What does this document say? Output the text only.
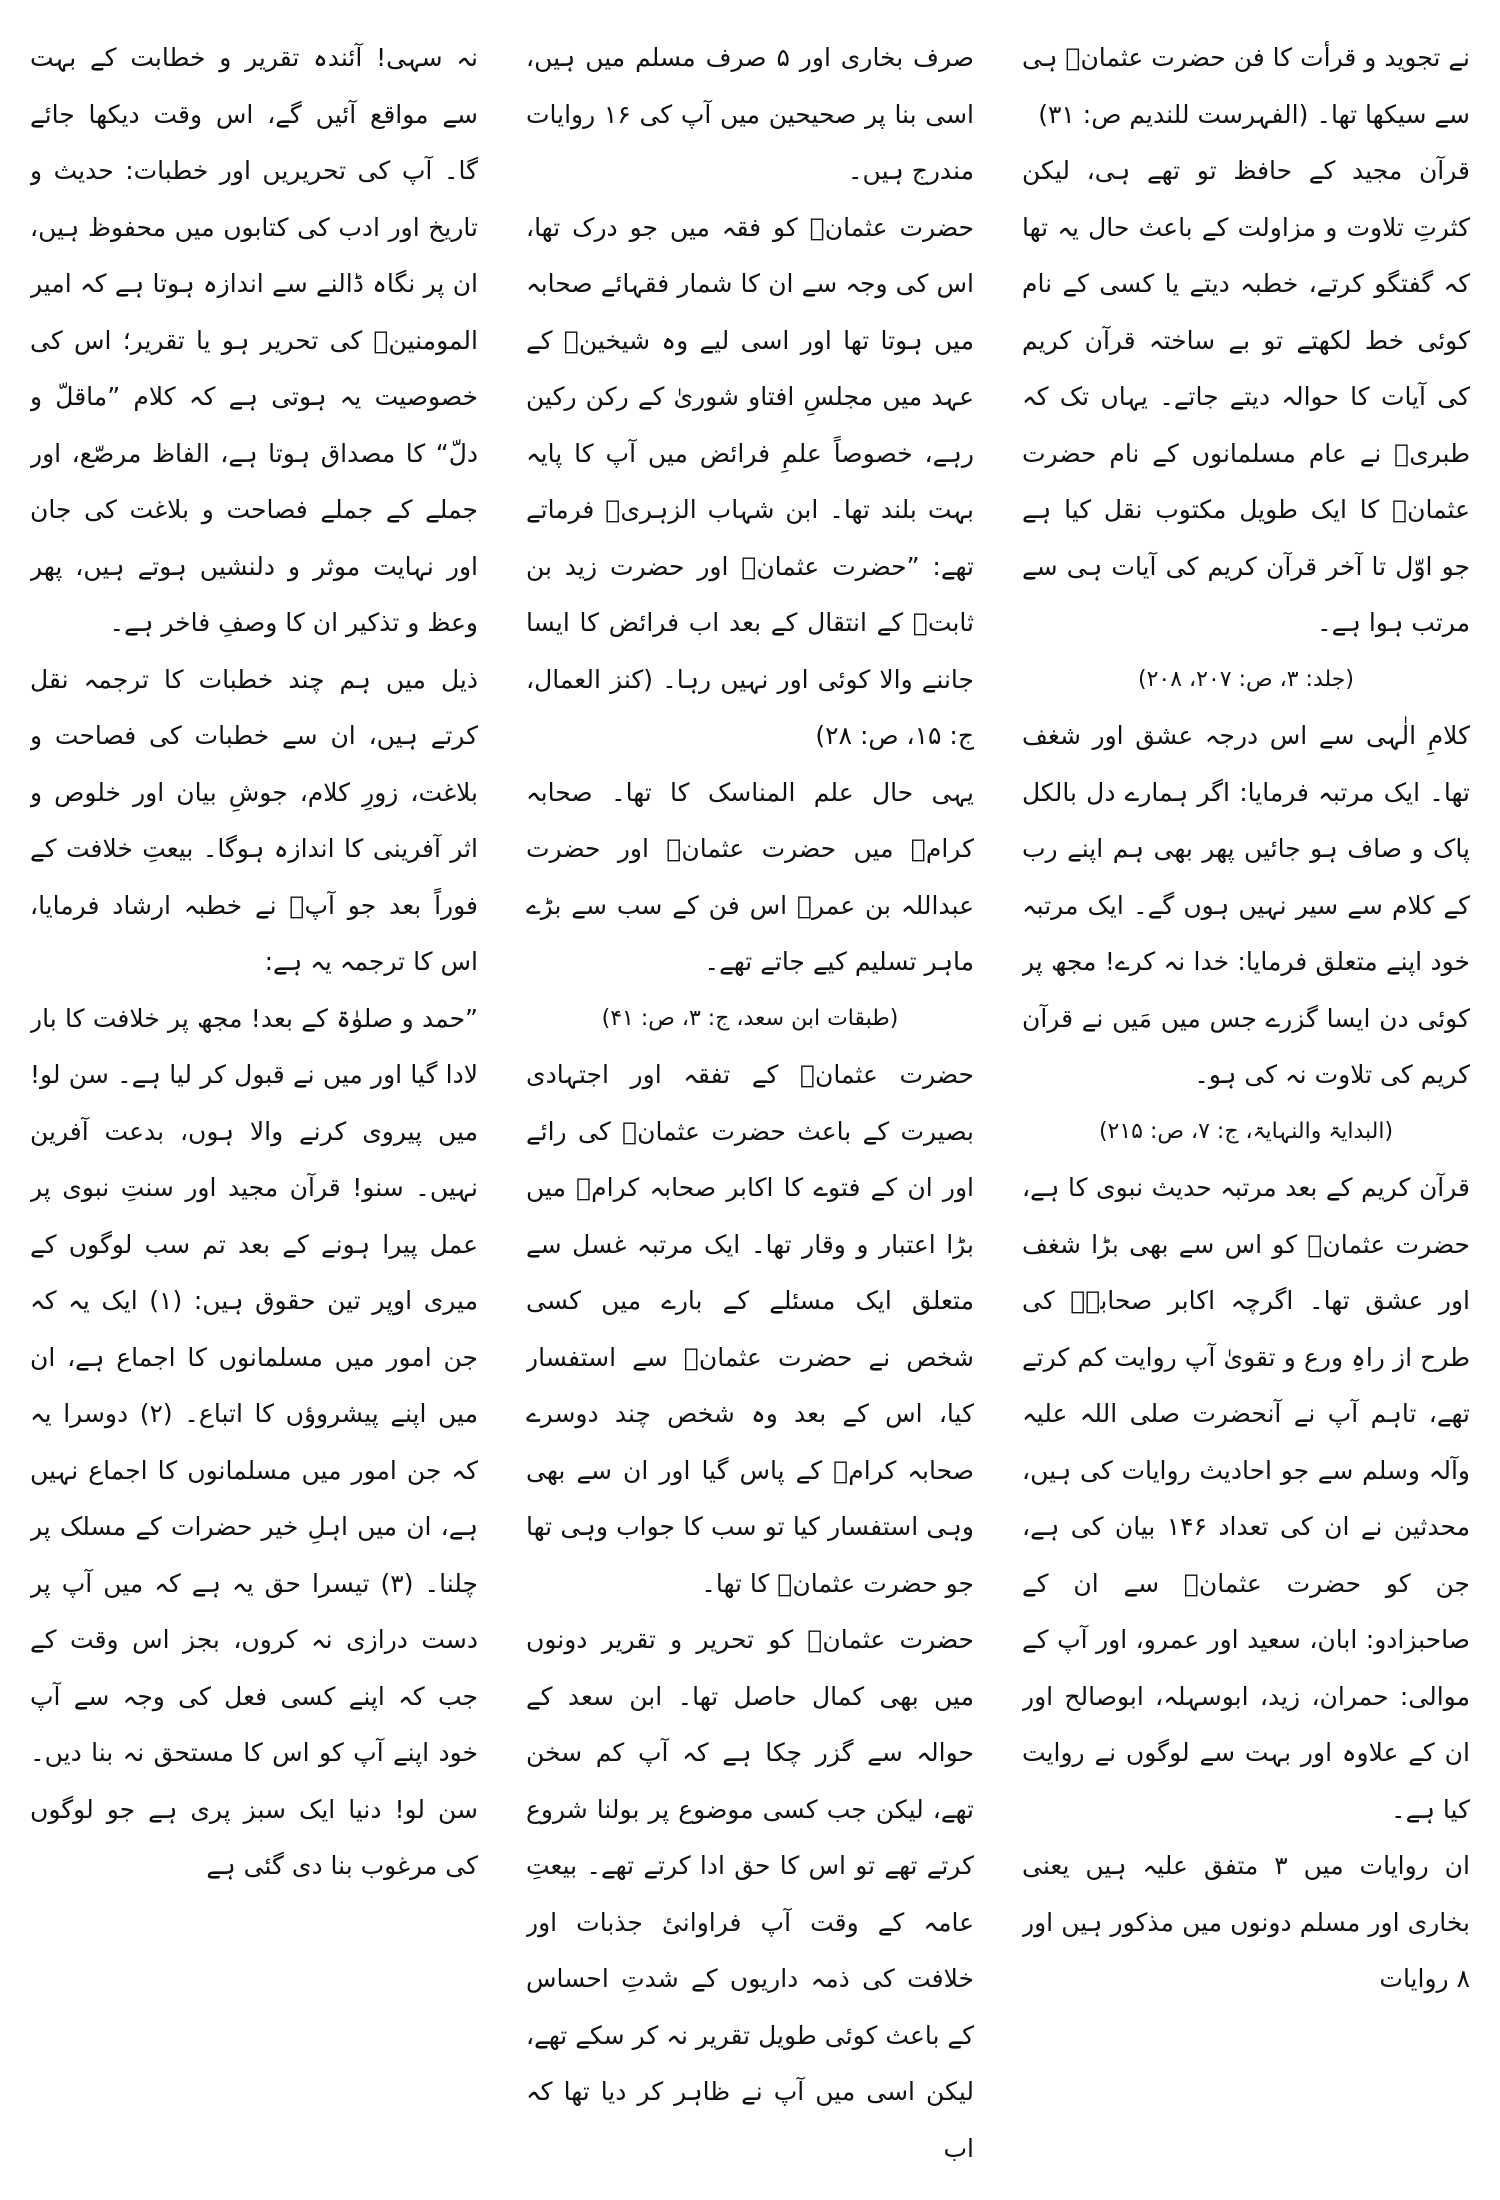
نے تجوید و قرأت کا فن حضرت عثمانؓ ہی سے سیکھا تھا۔ (الفہرست للندیم ص: ۳۱)

قرآن مجید کے حافظ تو تھے ہی، لیکن کثرتِ تلاوت و مزاولت کے باعث حال یہ تھا کہ گفتگو کرتے، خطبہ دیتے یا کسی کے نام کوئی خط لکھتے تو بے ساختہ قرآن کریم کی آیات کا حوالہ دیتے جاتے۔ یہاں تک کہ طبریؒ نے عام مسلمانوں کے نام حضرت عثمانؓ کا ایک طویل مکتوب نقل کیا ہے جو اوّل تا آخر قرآن کریم کی آیات ہی سے مرتب ہوا ہے۔

(جلد: ۳، ص: ۲۰۷، ۲۰۸)

کلامِ الٰہی سے اس درجہ عشق اور شغف تھا۔ ایک مرتبہ فرمایا: اگر ہمارے دل بالکل پاک و صاف ہو جائیں پھر بھی ہم اپنے رب کے کلام سے سیر نہیں ہوں گے۔ ایک مرتبہ خود اپنے متعلق فرمایا: خدا نہ کرے! مجھ پر کوئی دن ایسا گزرے جس میں مَیں نے قرآن کریم کی تلاوت نہ کی ہو۔

(البدایۃ والنہایۃ، ج: ۷، ص: ۲۱۵)

قرآن کریم کے بعد مرتبہ حدیث نبوی کا ہے، حضرت عثمانؓ کو اس سے بھی بڑا شغف اور عشق تھا۔ اگرچہ اکابر صحابہؓ کی طرح از راہِ ورع و تقویٰ آپ روایت کم کرتے تھے، تاہم آپ نے آنحضرت صلی اللہ علیہ وآلہ وسلم سے جو احادیث روایات کی ہیں، محدثین نے ان کی تعداد ۱۴۶ بیان کی ہے، جن کو حضرت عثمانؓ سے ان کے صاحبزادو: ابان، سعید اور عمرو، اور آپ کے موالی: حمران، زید، ابوسہلہ، ابوصالح اور ان کے علاوہ اور بہت سے لوگوں نے روایت کیا ہے۔

ان روایات میں ۳ متفق علیہ ہیں یعنی بخاری اور مسلم دونوں میں مذکور ہیں اور ۸ روایات

صرف بخاری اور ۵ صرف مسلم میں ہیں، اسی بنا پر صحیحین میں آپ کی ۱۶ روایات مندرج ہیں۔

حضرت عثمانؓ کو فقہ میں جو درک تھا، اس کی وجہ سے ان کا شمار فقہائے صحابہ میں ہوتا تھا اور اسی لیے وہ شیخینؓ کے عہد میں مجلسِ افتاو شوریٰ کے رکن رکین رہے، خصوصاً علمِ فرائض میں آپ کا پایہ بہت بلند تھا۔ ابن شہاب الزہریؒ فرماتے تھے: ”حضرت عثمانؓ اور حضرت زید بن ثابتؓ کے انتقال کے بعد اب فرائض کا ایسا جاننے والا کوئی اور نہیں رہا۔ (کنز العمال، ج: ۱۵، ص: ۲۸)

یہی حال علم المناسک کا تھا۔ صحابہ کرامؓ میں حضرت عثمانؓ اور حضرت عبداللہ بن عمرؓ اس فن کے سب سے بڑے ماہر تسلیم کیے جاتے تھے۔

(طبقات ابن سعد، ج: ۳، ص: ۴۱)

حضرت عثمانؓ کے تفقہ اور اجتہادی بصیرت کے باعث حضرت عثمانؓ کی رائے اور ان کے فتوے کا اکابر صحابہ کرامؓ میں بڑا اعتبار و وقار تھا۔ ایک مرتبہ غسل سے متعلق ایک مسئلے کے بارے میں کسی شخص نے حضرت عثمانؓ سے استفسار کیا، اس کے بعد وہ شخص چند دوسرے صحابہ کرامؓ کے پاس گیا اور ان سے بھی وہی استفسار کیا تو سب کا جواب وہی تھا جو حضرت عثمانؓ کا تھا۔

حضرت عثمانؓ کو تحریر و تقریر دونوں میں بھی کمال حاصل تھا۔ ابن سعد کے حوالہ سے گزر چکا ہے کہ آپ کم سخن تھے، لیکن جب کسی موضوع پر بولنا شروع کرتے تھے تو اس کا حق ادا کرتے تھے۔ بیعتِ عامہ کے وقت آپ فراوانیٔ جذبات اور خلافت کی ذمہ داریوں کے شدتِ احساس کے باعث کوئی طویل تقریر نہ کر سکے تھے، لیکن اسی میں آپ نے ظاہر کر دیا تھا کہ اب

نہ سہی! آئندہ تقریر و خطابت کے بہت سے مواقع آئیں گے، اس وقت دیکھا جائے گا۔ آپ کی تحریریں اور خطبات: حدیث و تاریخ اور ادب کی کتابوں میں محفوظ ہیں، ان پر نگاہ ڈالنے سے اندازہ ہوتا ہے کہ امیر المومنینؓ کی تحریر ہو یا تقریر؛ اس کی خصوصیت یہ ہوتی ہے کہ کلام ”ماقلّ و دلّ“ کا مصداق ہوتا ہے، الفاظ مرصّع، اور جملے کے جملے فصاحت و بلاغت کی جان اور نہایت موثر و دلنشیں ہوتے ہیں، پھر وعظ و تذکیر ان کا وصفِ فاخر ہے۔

ذیل میں ہم چند خطبات کا ترجمہ نقل کرتے ہیں، ان سے خطبات کی فصاحت و بلاغت، زورِ کلام، جوشِ بیان اور خلوص و اثر آفرینی کا اندازہ ہوگا۔ بیعتِ خلافت کے فوراً بعد جو آپؓ نے خطبہ ارشاد فرمایا، اس کا ترجمہ یہ ہے:

”حمد و صلوٰۃ کے بعد! مجھ پر خلافت کا بار لادا گیا اور میں نے قبول کر لیا ہے۔ سن لو! میں پیروی کرنے والا ہوں، بدعت آفرین نہیں۔ سنو! قرآن مجید اور سنتِ نبوی پر عمل پیرا ہونے کے بعد تم سب لوگوں کے میری اوپر تین حقوق ہیں: (۱) ایک یہ کہ جن امور میں مسلمانوں کا اجماع ہے، ان میں اپنے پیشروؤں کا اتباع۔ (۲) دوسرا یہ کہ جن امور میں مسلمانوں کا اجماع نہیں ہے، ان میں اہلِ خیر حضرات کے مسلک پر چلنا۔ (۳) تیسرا حق یہ ہے کہ میں آپ پر دست درازی نہ کروں، بجز اس وقت کے جب کہ اپنے کسی فعل کی وجہ سے آپ خود اپنے آپ کو اس کا مستحق نہ بنا دیں۔ سن لو! دنیا ایک سبز پری ہے جو لوگوں کی مرغوب بنا دی گئی ہے
